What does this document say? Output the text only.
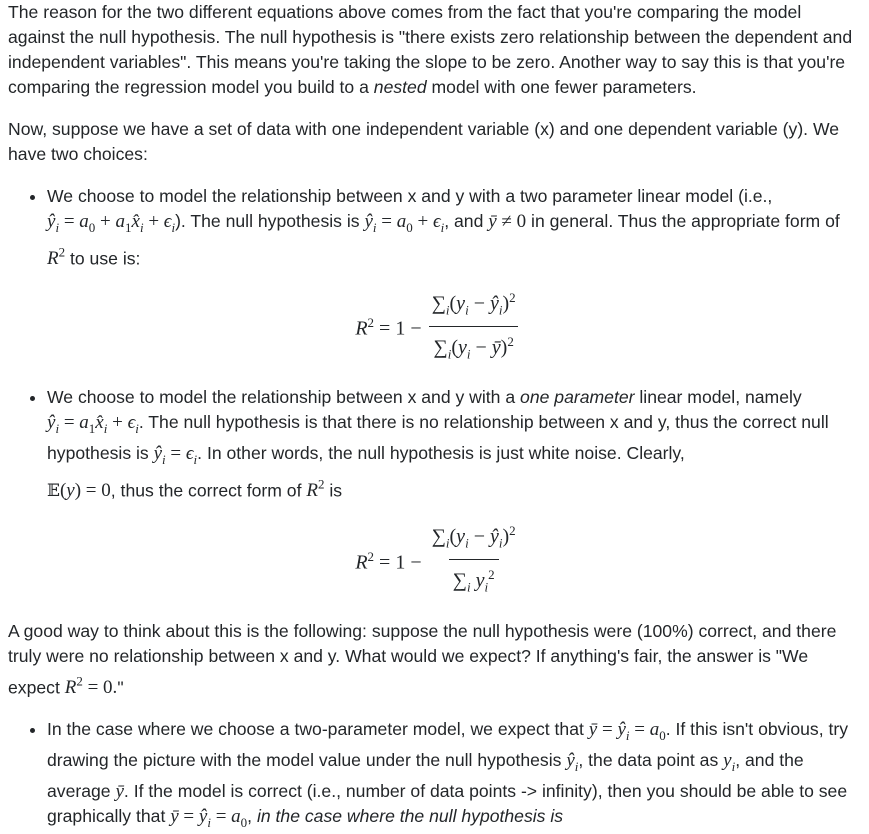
The reason for the two different equations above comes from the fact that you're comparing the model against the null hypothesis. The null hypothesis is "there exists zero relationship between the dependent and independent variables". This means you're taking the slope to be zero. Another way to say this is that you're comparing the regression model you build to a nested model with one fewer parameters.

Now, suppose we have a set of data with one independent variable (x) and one dependent variable (y). We have two choices:

• We choose to model the relationship between x and y with a two parameter linear model (i.e.,
$ŷ_i = a_0$ + $a_1x̂_i + \epsilon_i$). The null hypothesis is $ŷ_i = a_0 + \epsilon_i$, and ȳ ≠ 0 in general. Thus the appropriate form of $R^2$ to use is:
$R^2 = 1 - \frac{\sum_i(y_i - ŷ_i)^2}{\sum_i(y_i - ȳ)^2}$
• We choose to model the relationship between x and y with a one parameter linear model, namely
$ŷ_i$ = $a_1x̂_i + \epsilon_i$. The null hypothesis is that there is no relationship between x and y, thus the correct null hypothesis is $ŷ_i = \epsilon_i$. In other words, the null hypothesis is just white noise. Clearly,
𝔼(y) = 0, thus the correct form of $R^2$ is
$R^2 = 1 - \frac{\sum_i(y_i - ŷ_i)^2}{\sum_i y_i^2}$

A good way to think about this is the following: suppose the null hypothesis were (100%) correct, and there truly were no relationship between x and y. What would we expect? If anything's fair, the answer is "We expect $R^2 = 0$."

• In the case where we choose a two-parameter model, we expect that ȳ = $ŷ_i = a_0$. If this isn't obvious, try drawing the picture with the model value under the null hypothesis $ŷ_i$, the data point as $y_i$, and the average ȳ. If the model is correct (i.e., number of data points -> infinity), then you should be able to see graphically that ȳ = $ŷ_i = a_0$, in the case where the null hypothesis is
